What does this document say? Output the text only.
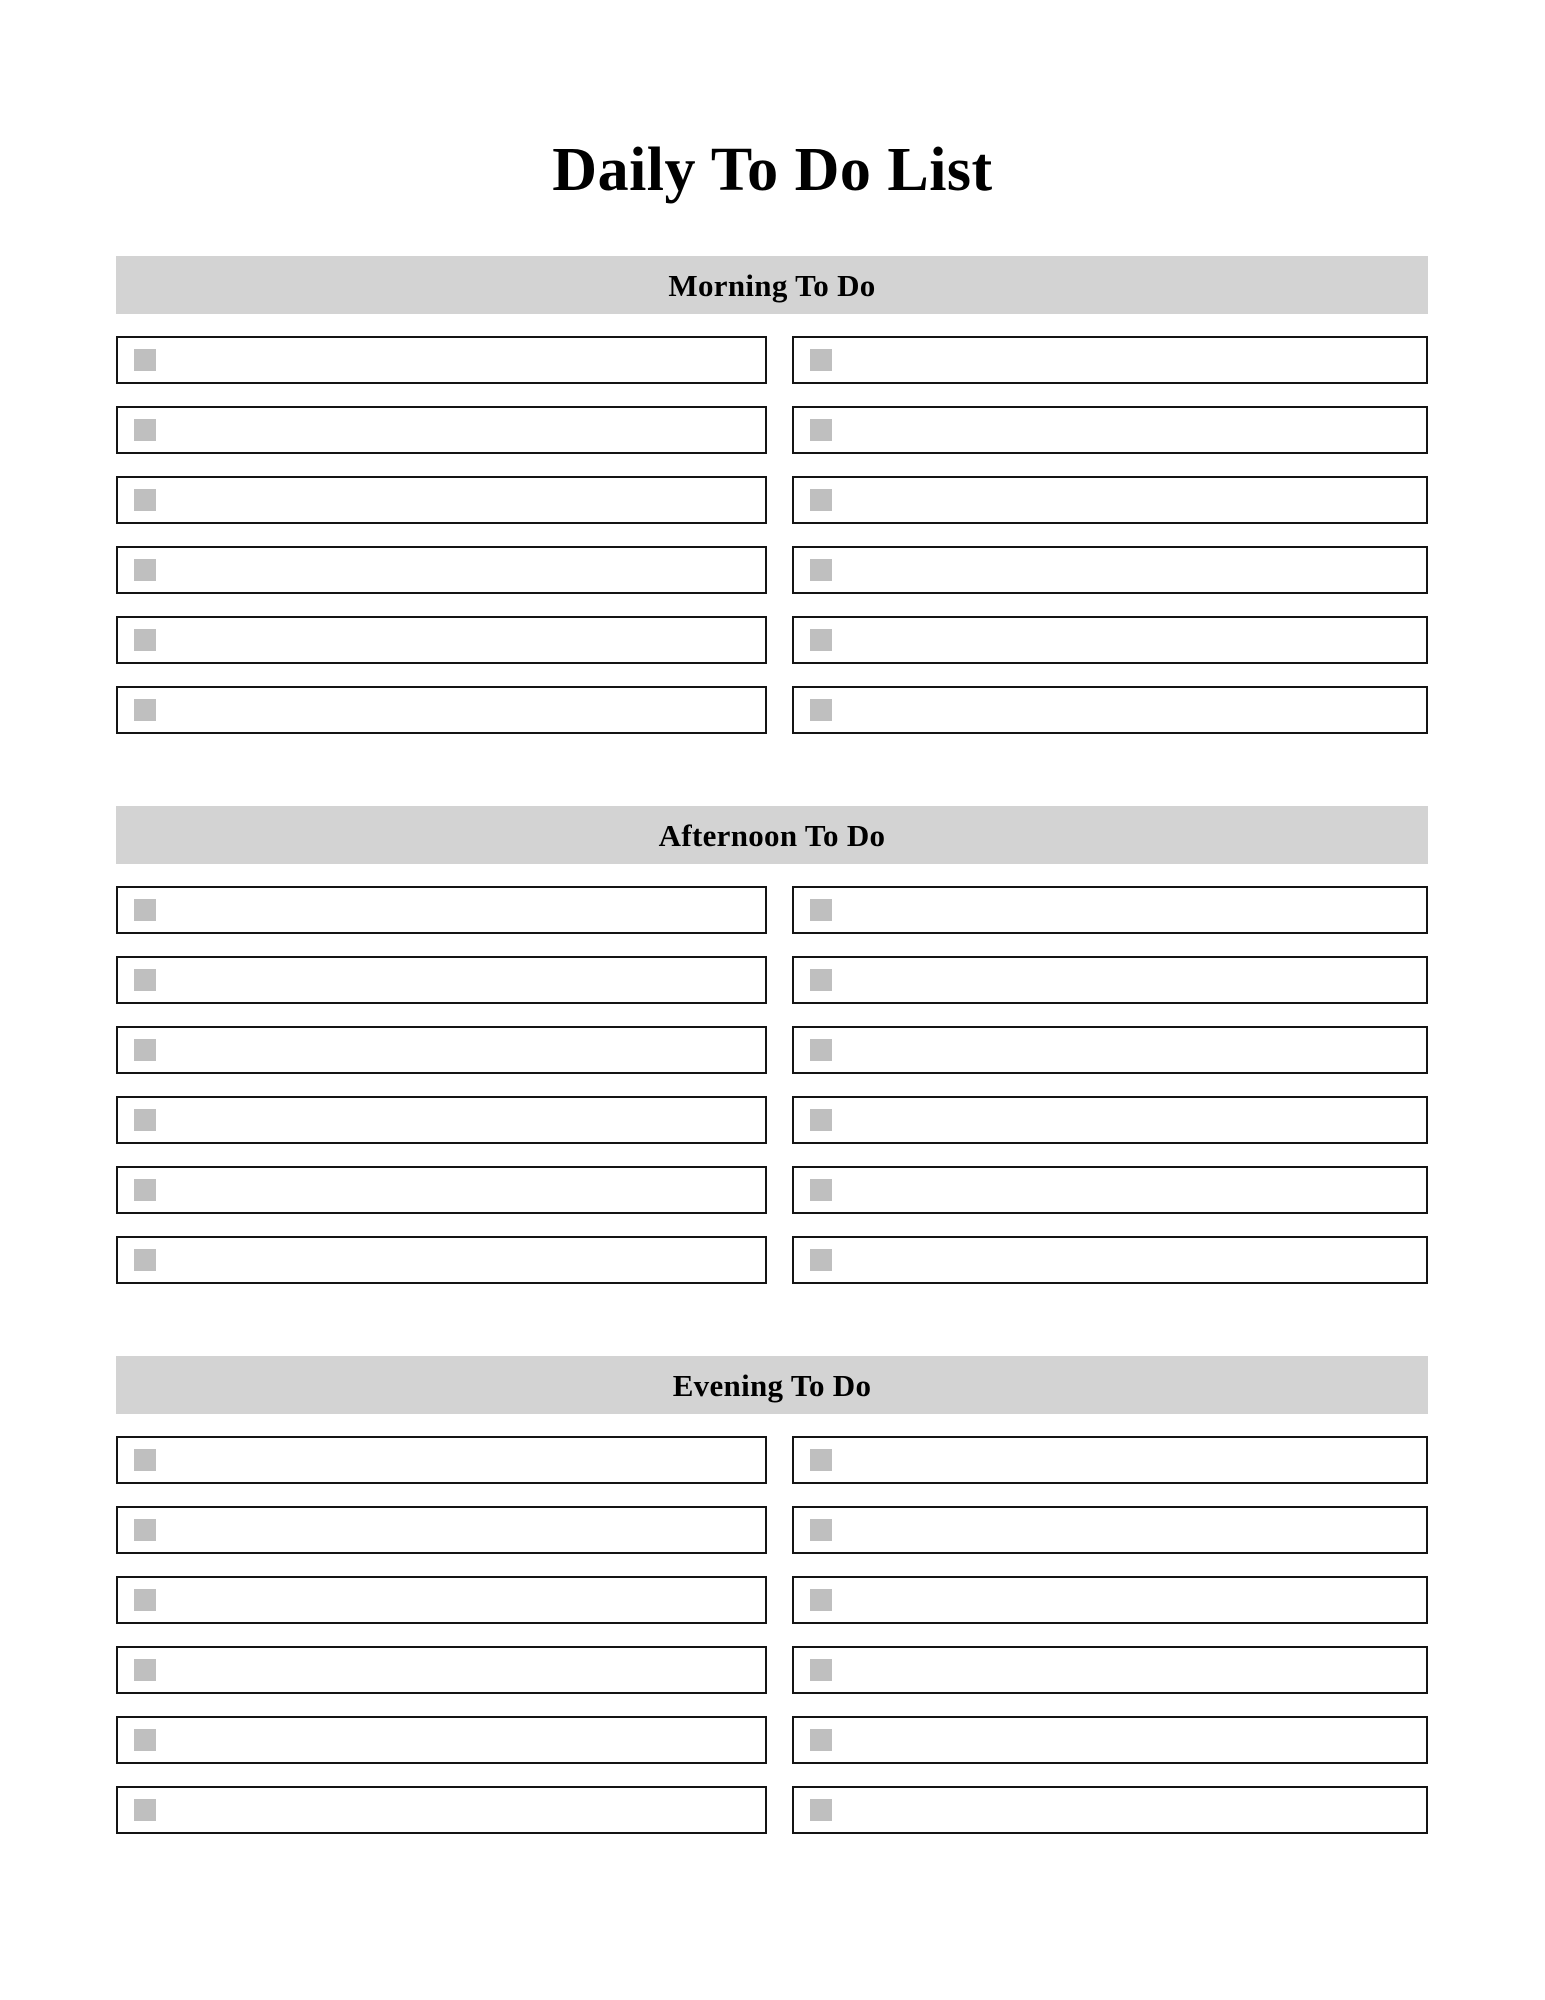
Daily To Do List
Morning To Do
Afternoon To Do
Evening To Do
